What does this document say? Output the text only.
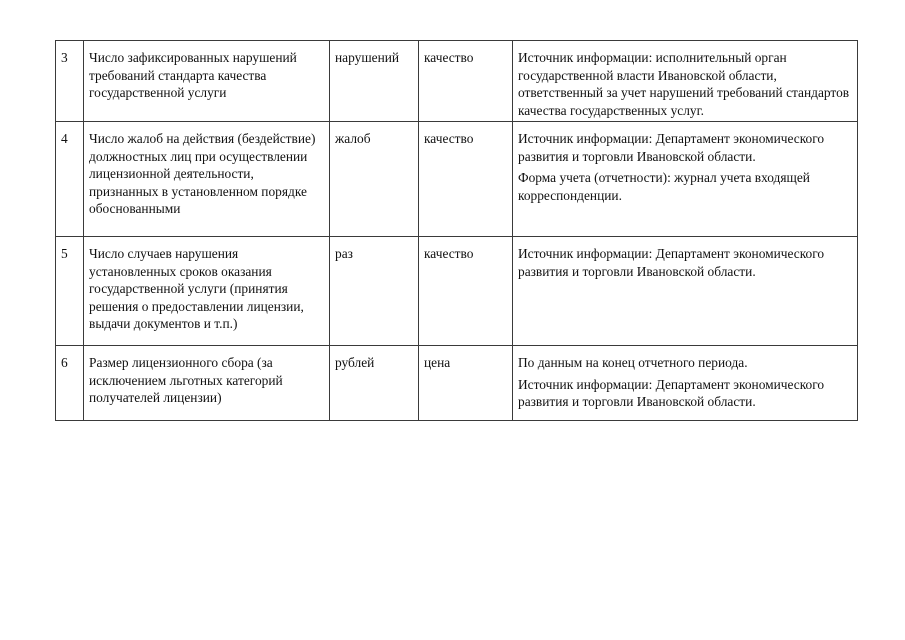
3	Число зафиксированных нарушений требований стандарта качества государственной услуги	нарушений	качество	Источник информации: исполнительный орган государственной власти Ивановской области, ответственный за учет нарушений требований стандартов качества государственных услуг.

4	Число жалоб на действия (бездействие) должностных лиц при осуществлении лицензионной деятельности, признанных в установленном порядке обоснованными	жалоб	качество	Источник информации: Департамент экономического развития и торговли Ивановской области.
Форма учета (отчетности): журнал учета входящей корреспонденции.

5	Число случаев нарушения установленных сроков оказания государственной услуги (принятия решения о предоставлении лицензии, выдачи документов и т.п.)	раз	качество	Источник информации: Департамент экономического развития и торговли Ивановской области.

6	Размер лицензионного сбора (за исключением льготных категорий получателей лицензии)	рублей	цена	По данным на конец отчетного периода.
Источник информации: Департамент экономического развития и торговли Ивановской области.
